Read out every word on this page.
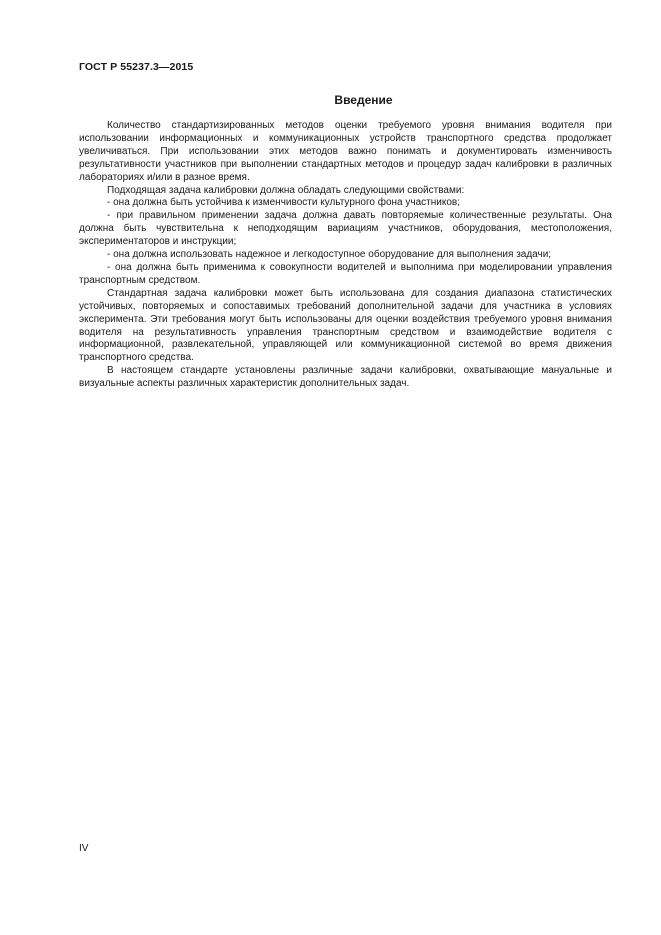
ГОСТ Р 55237.3—2015
Введение

Количество стандартизированных методов оценки требуемого уровня внимания водителя при использовании информационных и коммуникационных устройств транспортного средства продолжает увеличиваться. При использовании этих методов важно понимать и документировать изменчивость результативности участников при выполнении стандартных методов и процедур задач калибровки в различных лабораториях и/или в разное время.

Подходящая задача калибровки должна обладать следующими свойствами:

- она должна быть устойчива к изменчивости культурного фона участников;

- при правильном применении задача должна давать повторяемые количественные результаты. Она должна быть чувствительна к неподходящим вариациям участников, оборудования, местоположения, экспериментаторов и инструкции;

- она должна использовать надежное и легкодоступное оборудование для выполнения задачи;

- она должна быть применима к совокупности водителей и выполнима при моделировании управления транспортным средством.

Стандартная задача калибровки может быть использована для создания диапазона статистических устойчивых, повторяемых и сопоставимых требований дополнительной задачи для участника в условиях эксперимента. Эти требования могут быть использованы для оценки воздействия требуемого уровня внимания водителя на результативность управления транспортным средством и взаимодействие водителя с информационной, развлекательной, управляющей или коммуникационной системой во время движения транспортного средства.

В настоящем стандарте установлены различные задачи калибровки, охватывающие мануальные и визуальные аспекты различных характеристик дополнительных задач.

IV
